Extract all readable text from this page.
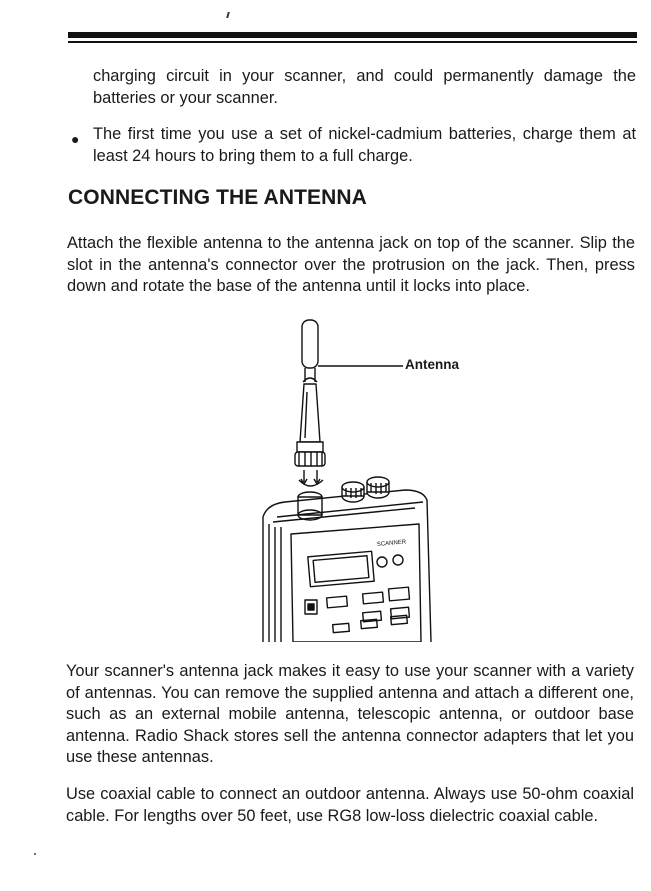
charging circuit in your scanner, and could permanently damage the batteries or your scanner.

● The first time you use a set of nickel-cadmium batteries, charge them at least 24 hours to bring them to a full charge.

CONNECTING THE ANTENNA

Attach the flexible antenna to the antenna jack on top of the scanner. Slip the slot in the antenna's connector over the protrusion on the jack. Then, press down and rotate the base of the antenna until it locks into place.

SCANNER
Antenna

Your scanner's antenna jack makes it easy to use your scanner with a variety of antennas. You can remove the supplied antenna and attach a different one, such as an external mobile antenna, telescopic antenna, or outdoor base antenna. Radio Shack stores sell the antenna connector adapters that let you use these antennas.

Use coaxial cable to connect an outdoor antenna. Always use 50-ohm coaxial cable. For lengths over 50 feet, use RG8 low-loss dielectric coaxial cable.
